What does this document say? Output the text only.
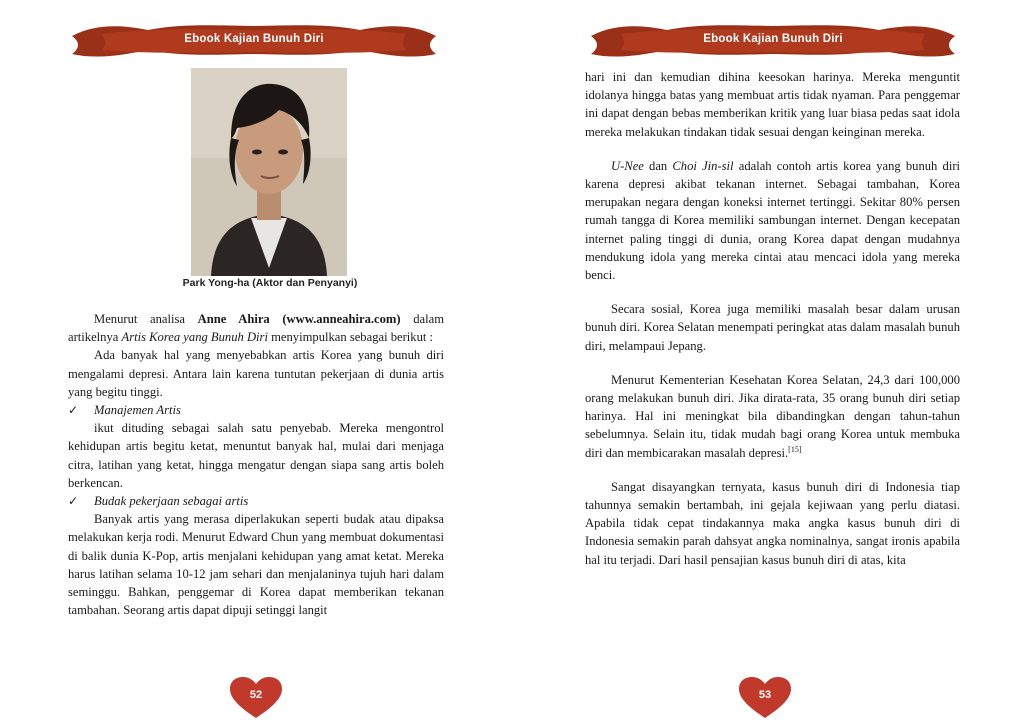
Ebook Kajian Bunuh Diri
Park Yong-ha (Aktor dan Penyanyi)

Menurut analisa Anne Ahira (www.anneahira.com) dalam artikelnya Artis Korea yang Bunuh Diri menyimpulkan sebagai berikut :

Ada banyak hal yang menyebabkan artis Korea yang bunuh diri mengalami depresi. Antara lain karena tuntutan pekerjaan di dunia artis yang begitu tinggi.

✓	Manajemen Artis

ikut dituding sebagai salah satu penyebab. Mereka mengontrol kehidupan artis begitu ketat, menuntut banyak hal, mulai dari menjaga citra, latihan yang ketat, hingga mengatur dengan siapa sang artis boleh berkencan.

✓	Budak pekerjaan sebagai artis

Banyak artis yang merasa diperlakukan seperti budak atau dipaksa melakukan kerja rodi. Menurut Edward Chun yang membuat dokumentasi di balik dunia K-Pop, artis menjalani kehidupan yang amat ketat. Mereka harus latihan selama 10-12 jam sehari dan menjalaninya tujuh hari dalam seminggu. Bahkan, penggemar di Korea dapat memberikan tekanan tambahan. Seorang artis dapat dipuji setinggi langit

52
Ebook Kajian Bunuh Diri

hari ini dan kemudian dihina keesokan harinya. Mereka menguntit idolanya hingga batas yang membuat artis tidak nyaman. Para penggemar ini dapat dengan bebas memberikan kritik yang luar biasa pedas saat idola mereka melakukan tindakan tidak sesuai dengan keinginan mereka.

U-Nee dan Choi Jin-sil adalah contoh artis korea yang bunuh diri karena depresi akibat tekanan internet. Sebagai tambahan, Korea merupakan negara dengan koneksi internet tertinggi. Sekitar 80% persen rumah tangga di Korea memiliki sambungan internet. Dengan kecepatan internet paling tinggi di dunia, orang Korea dapat dengan mudahnya mendukung idola yang mereka cintai atau mencaci idola yang mereka benci.

Secara sosial, Korea juga memiliki masalah besar dalam urusan bunuh diri. Korea Selatan menempati peringkat atas dalam masalah bunuh diri, melampaui Jepang.

Menurut Kementerian Kesehatan Korea Selatan, 24,3 dari 100,000 orang melakukan bunuh diri. Jika dirata-rata, 35 orang bunuh diri setiap harinya. Hal ini meningkat bila dibandingkan dengan tahun-tahun sebelumnya. Selain itu, tidak mudah bagi orang Korea untuk membuka diri dan membicarakan masalah depresi.[15]

Sangat disayangkan ternyata, kasus bunuh diri di Indonesia tiap tahunnya semakin bertambah, ini gejala kejiwaan yang perlu diatasi. Apabila tidak cepat tindakannya maka angka kasus bunuh diri di Indonesia semakin parah dahsyat angka nominalnya, sangat ironis apabila hal itu terjadi. Dari hasil pensajian kasus bunuh diri di atas, kita

53
